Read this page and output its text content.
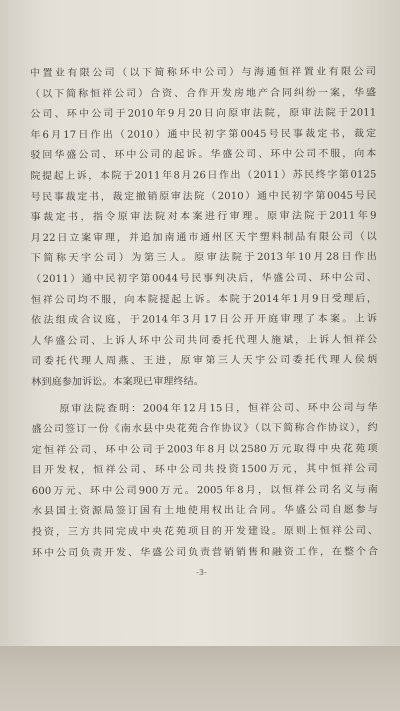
中置业有限公司（以下简称环中公司）与海通恒祥置业有限公司
（以下简称恒祥公司）合资、合作开发房地产合同纠纷一案，华盛
公司、环中公司于2010年9月20日向原审法院，原审法院于2011
年6月17日作出（2010）通中民初字第0045号民事裁定书，裁定
驳回华盛公司、环中公司的起诉。华盛公司、环中公司不服，向本
院提起上诉，本院于2011年8月26日作出（2011）苏民终字第0125
号民事裁定书，裁定撤销原审法院（2010）通中民初字第0045号民
事裁定书，指令原审法院对本案进行审理。原审法院于2011年9
月22日立案审理，并追加南通市通州区天宇塑料制品有限公司（以
下简称天宇公司）为第三人。原审法院于2013年10月28日作出
（2011）通中民初字第0044号民事判决后，华盛公司、环中公司、
恒祥公司均不服，向本院提起上诉。本院于2014年1月9日受理后，
依法组成合议庭，于2014年3月17日公开开庭审理了本案。上诉
人华盛公司、上诉人环中公司共同委托代理人施斌，上诉人恒祥公
司委托代理人周燕、王进，原审第三人天宇公司委托代理人侯炳
林到庭参加诉讼。本案现已审理终结。
原审法院查明：2004年12月15日，恒祥公司、环中公司与华
盛公司签订一份《南水县中央花苑合作协议》（以下简称合作协议），约
定恒祥公司、环中公司于2003年8月以2580万元取得中央花苑项
目开发权，恒祥公司、环中公司共投资1500万元，其中恒祥公司
600万元、环中公司900万元。2005年8月，以恒祥公司名义与南
水县国土资源局签订国有土地使用权出让合同。华盛公司自愿参与
投资，三方共同完成中央花苑项目的开发建设。原则上恒祥公司、
环中公司负责开发、华盛公司负责营销销售和融资工作，在整个合
-3-
